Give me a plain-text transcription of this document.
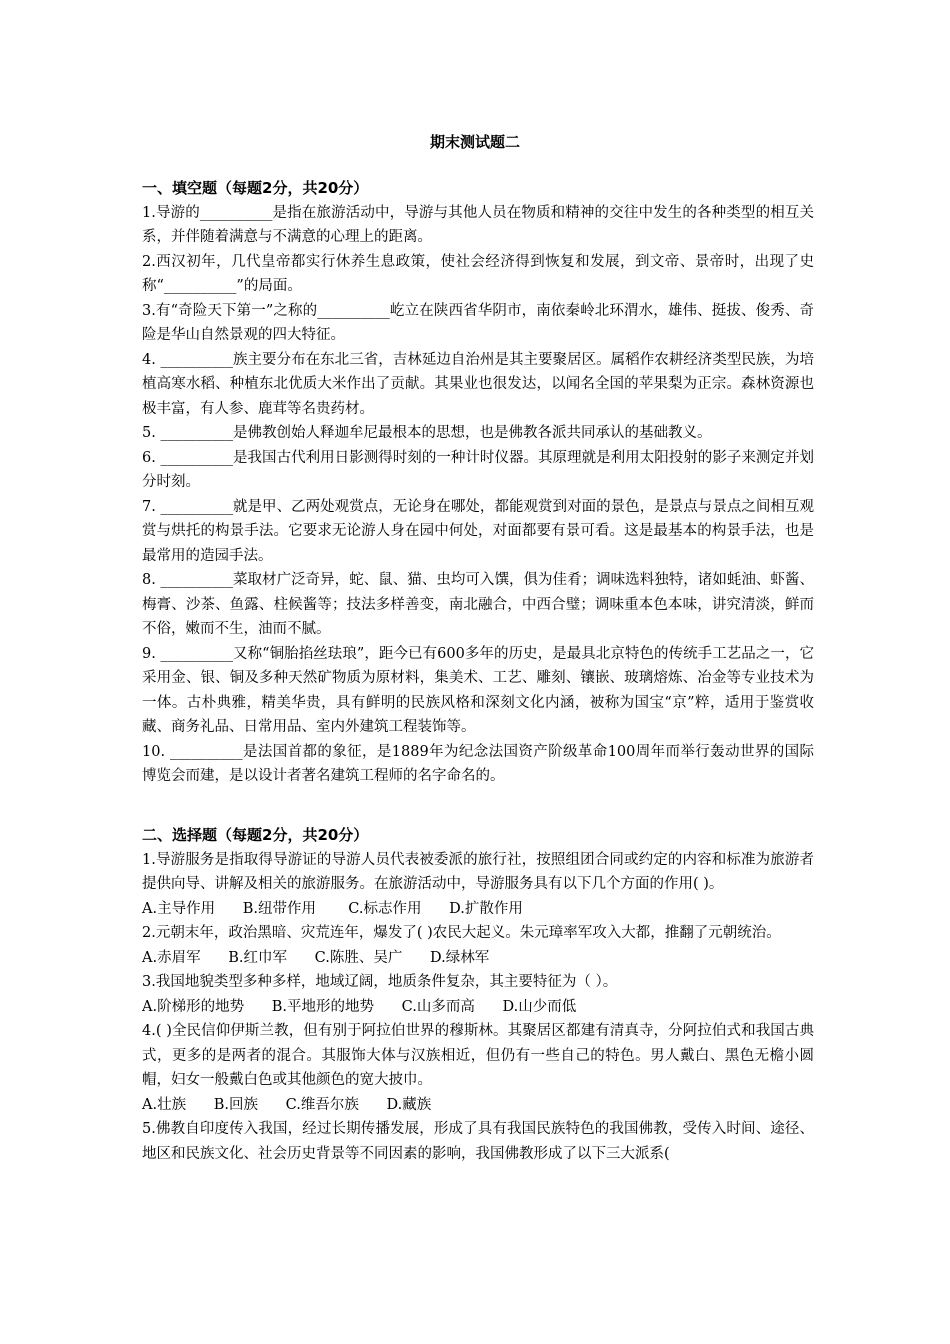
期末测试题二
一、填空题（每题2分，共20分）

1.导游的__________是指在旅游活动中，导游与其他人员在物质和精神的交往中发生的各种类型的相互关系，并伴随着满意与不满意的心理上的距离。

2.西汉初年，几代皇帝都实行休养生息政策，使社会经济得到恢复和发展，到文帝、景帝时，出现了史称“__________”的局面。

3.有“奇险天下第一”之称的__________屹立在陕西省华阴市，南依秦岭北环渭水，雄伟、挺拔、俊秀、奇险是华山自然景观的四大特征。

4. __________族主要分布在东北三省，吉林延边自治州是其主要聚居区。属稻作农耕经济类型民族，为培植高寒水稻、种植东北优质大米作出了贡献。其果业也很发达，以闻名全国的苹果梨为正宗。森林资源也极丰富，有人参、鹿茸等名贵药材。

5. __________是佛教创始人释迦牟尼最根本的思想，也是佛教各派共同承认的基础教义。

6. __________是我国古代利用日影测得时刻的一种计时仪器。其原理就是利用太阳投射的影子来测定并划分时刻。

7. __________就是甲、乙两处观赏点，无论身在哪处，都能观赏到对面的景色，是景点与景点之间相互观赏与烘托的构景手法。它要求无论游人身在园中何处，对面都要有景可看。这是最基本的构景手法，也是最常用的造园手法。

8. __________菜取材广泛奇异，蛇、鼠、猫、虫均可入馔，俱为佳肴；调味选料独特，诸如蚝油、虾酱、梅膏、沙茶、鱼露、柱候酱等；技法多样善变，南北融合，中西合璧；调味重本色本味，讲究清淡，鲜而不俗，嫩而不生，油而不腻。

9. __________又称“铜胎掐丝珐琅”，距今已有600多年的历史，是最具北京特色的传统手工艺品之一，它采用金、银、铜及多种天然矿物质为原材料，集美术、工艺、雕刻、镶嵌、玻璃熔炼、冶金等专业技术为一体。古朴典雅，精美华贵，具有鲜明的民族风格和深刻文化内涵，被称为国宝“京”粹，适用于鉴赏收藏、商务礼品、日常用品、室内外建筑工程装饰等。

10. __________是法国首都的象征，是1889年为纪念法国资产阶级革命100周年而举行轰动世界的国际博览会而建，是以设计者著名建筑工程师的名字命名的。

二、选择题（每题2分，共20分）

1.导游服务是指取得导游证的导游人员代表被委派的旅行社，按照组团合同或约定的内容和标准为旅游者提供向导、讲解及相关的旅游服务。在旅游活动中，导游服务具有以下几个方面的作用( )。

A.主导作用      B.纽带作用       C.标志作用      D.扩散作用

2.元朝末年，政治黑暗、灾荒连年，爆发了( )农民大起义。朱元璋率军攻入大都，推翻了元朝统治。

A.赤眉军      B.红巾军      C.陈胜、吴广      D.绿林军

3.我国地貌类型多种多样，地域辽阔，地质条件复杂，其主要特征为（ ）。

A.阶梯形的地势      B.平地形的地势      C.山多而高      D.山少而低

4.( )全民信仰伊斯兰教，但有别于阿拉伯世界的穆斯林。其聚居区都建有清真寺，分阿拉伯式和我国古典式，更多的是两者的混合。其服饰大体与汉族相近，但仍有一些自己的特色。男人戴白、黑色无檐小圆帽，妇女一般戴白色或其他颜色的宽大披巾。

A.壮族      B.回族      C.维吾尔族      D.藏族

5.佛教自印度传入我国，经过长期传播发展，形成了具有我国民族特色的我国佛教，受传入时间、途径、地区和民族文化、社会历史背景等不同因素的影响，我国佛教形成了以下三大派系(
